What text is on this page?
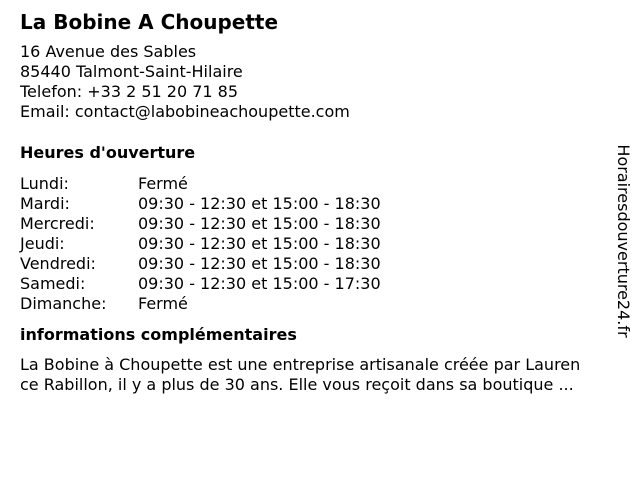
La Bobine A Choupette
16 Avenue des Sables
85440 Talmont-Saint-Hilaire
Telefon: +33 2 51 20 71 85
Email: contact@labobineachoupette.com
Heures d'ouverture
Lundi:	Fermé
Mardi:	09:30 - 12:30 et 15:00 - 18:30
Mercredi:	09:30 - 12:30 et 15:00 - 18:30
Jeudi:	09:30 - 12:30 et 15:00 - 18:30
Vendredi:	09:30 - 12:30 et 15:00 - 18:30
Samedi:	09:30 - 12:30 et 15:00 - 17:30
Dimanche:	Fermé
informations complémentaires
La Bobine à Choupette est une entreprise artisanale créée par Lauren
ce Rabillon, il y a plus de 30 ans. Elle vous reçoit dans sa boutique ...
Horairesdouverture24.fr
